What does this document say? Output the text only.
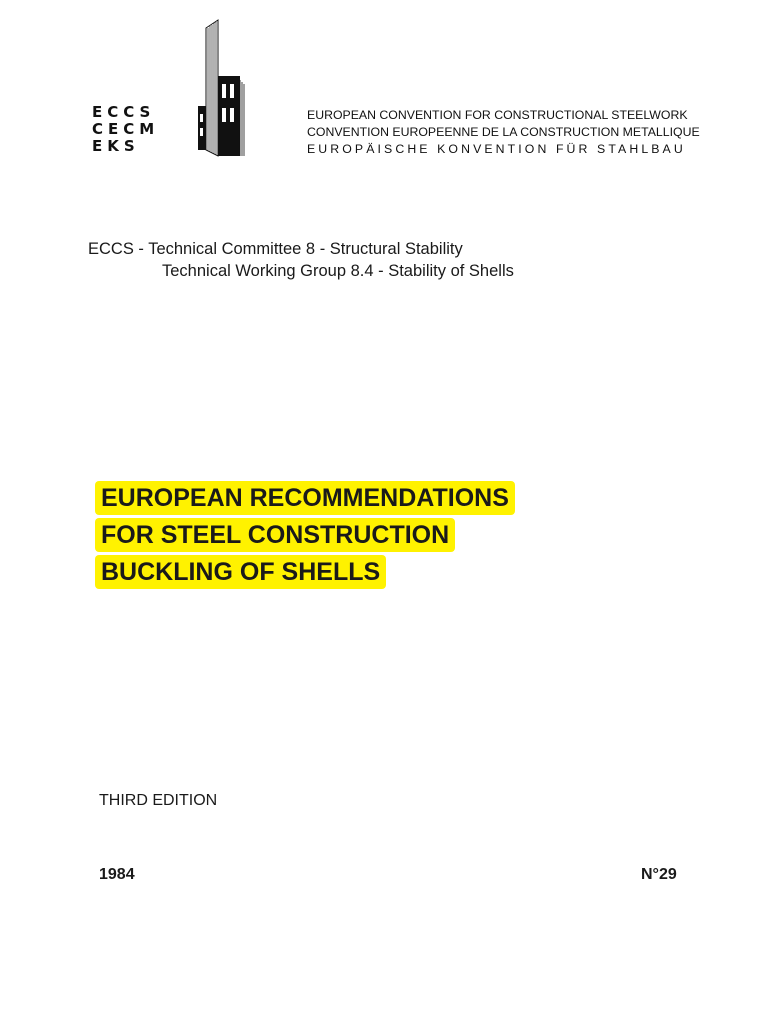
ECCS
CECM
EKS
EUROPEAN CONVENTION FOR CONSTRUCTIONAL STEELWORK
CONVENTION EUROPEENNE DE LA CONSTRUCTION METALLIQUE
EUROPÄISCHE KONVENTION FÜR STAHLBAU
ECCS - Technical Committee 8 - Structural Stability
Technical Working Group 8.4 - Stability of Shells
EUROPEAN RECOMMENDATIONS
FOR STEEL CONSTRUCTION
BUCKLING OF SHELLS
THIRD EDITION
1984	N°29
